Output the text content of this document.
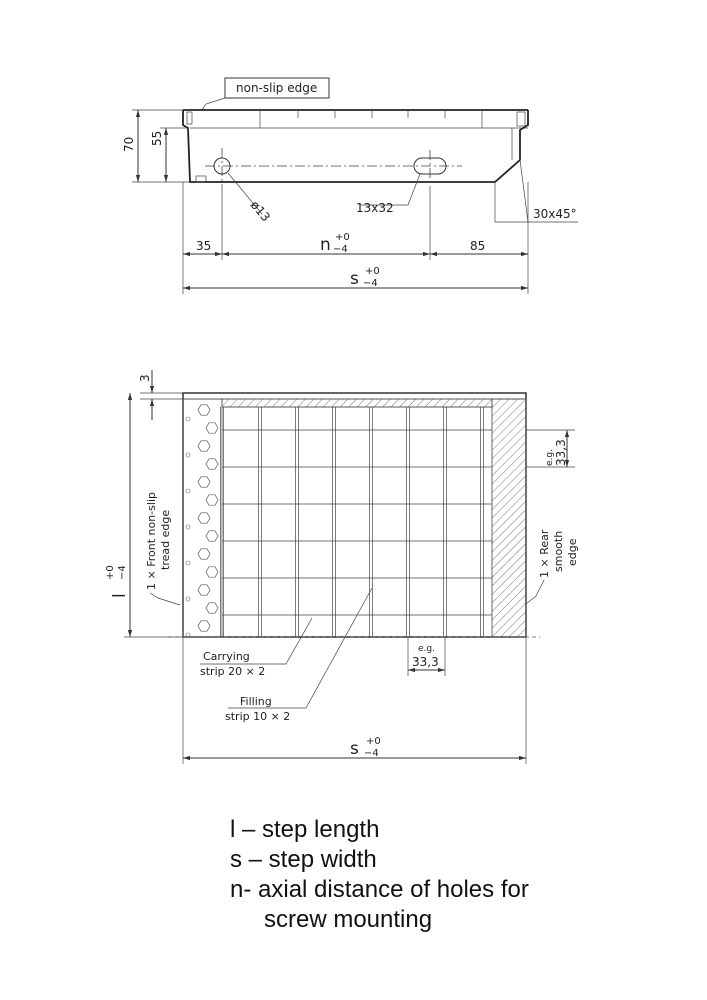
non-slip edge
70 55
ø13	13x32	30x45°
35	n +0
−4	85
s +0
−4
3
l
+0 −4 1 × Front non-slip tread edge	1 × Rear smooth edge
e.g. 33,3
e.g.
33,3
Carrying
strip 20 × 2
Filling
strip 10 × 2
s +0
−4
l – step length
s – step width
n- axial distance of holes for
screw mounting
